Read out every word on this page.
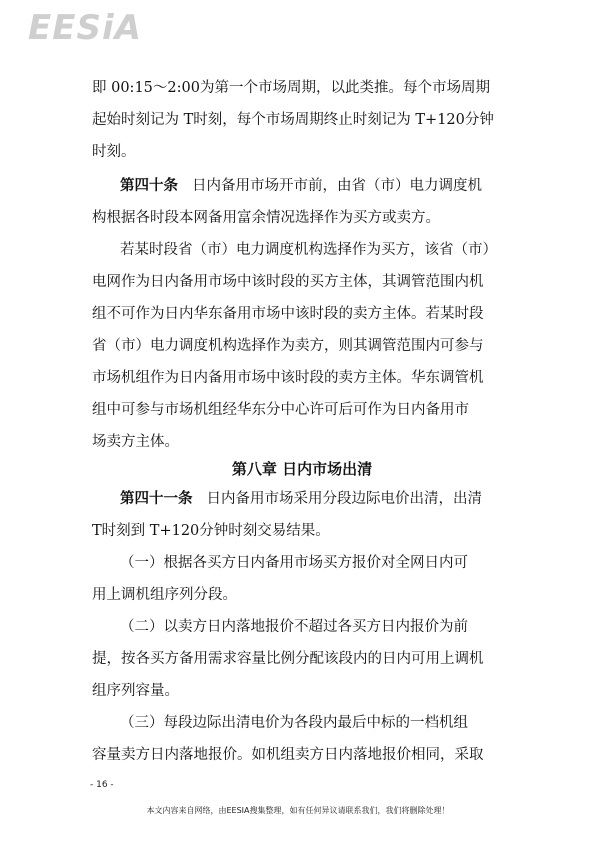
EESiA
即 00:15～2:00为第一个市场周期，以此类推。每个市场周期
起始时刻记为 T时刻，每个市场周期终止时刻记为 T+120分钟
时刻。
第四十条 日内备用市场开市前，由省（市）电力调度机
构根据各时段本网备用富余情况选择作为买方或卖方。
若某时段省（市）电力调度机构选择作为买方，该省（市）
电网作为日内备用市场中该时段的买方主体，其调管范围内机
组不可作为日内华东备用市场中该时段的卖方主体。若某时段
省（市）电力调度机构选择作为卖方，则其调管范围内可参与
市场机组作为日内备用市场中该时段的卖方主体。华东调管机
组中可参与市场机组经华东分中心许可后可作为日内备用市
场卖方主体。
第八章 日内市场出清
第四十一条 日内备用市场采用分段边际电价出清，出清
T时刻到 T+120分钟时刻交易结果。
（一）根据各买方日内备用市场买方报价对全网日内可
用上调机组序列分段。
（二）以卖方日内落地报价不超过各买方日内报价为前
提，按各买方备用需求容量比例分配该段内的日内可用上调机
组序列容量。
（三）每段边际出清电价为各段内最后中标的一档机组
容量卖方日内落地报价。如机组卖方日内落地报价相同，采取
- 16 -
本文内容来自网络，由EESIA搜集整理，如有任何异议请联系我们，我们将删除处理！
